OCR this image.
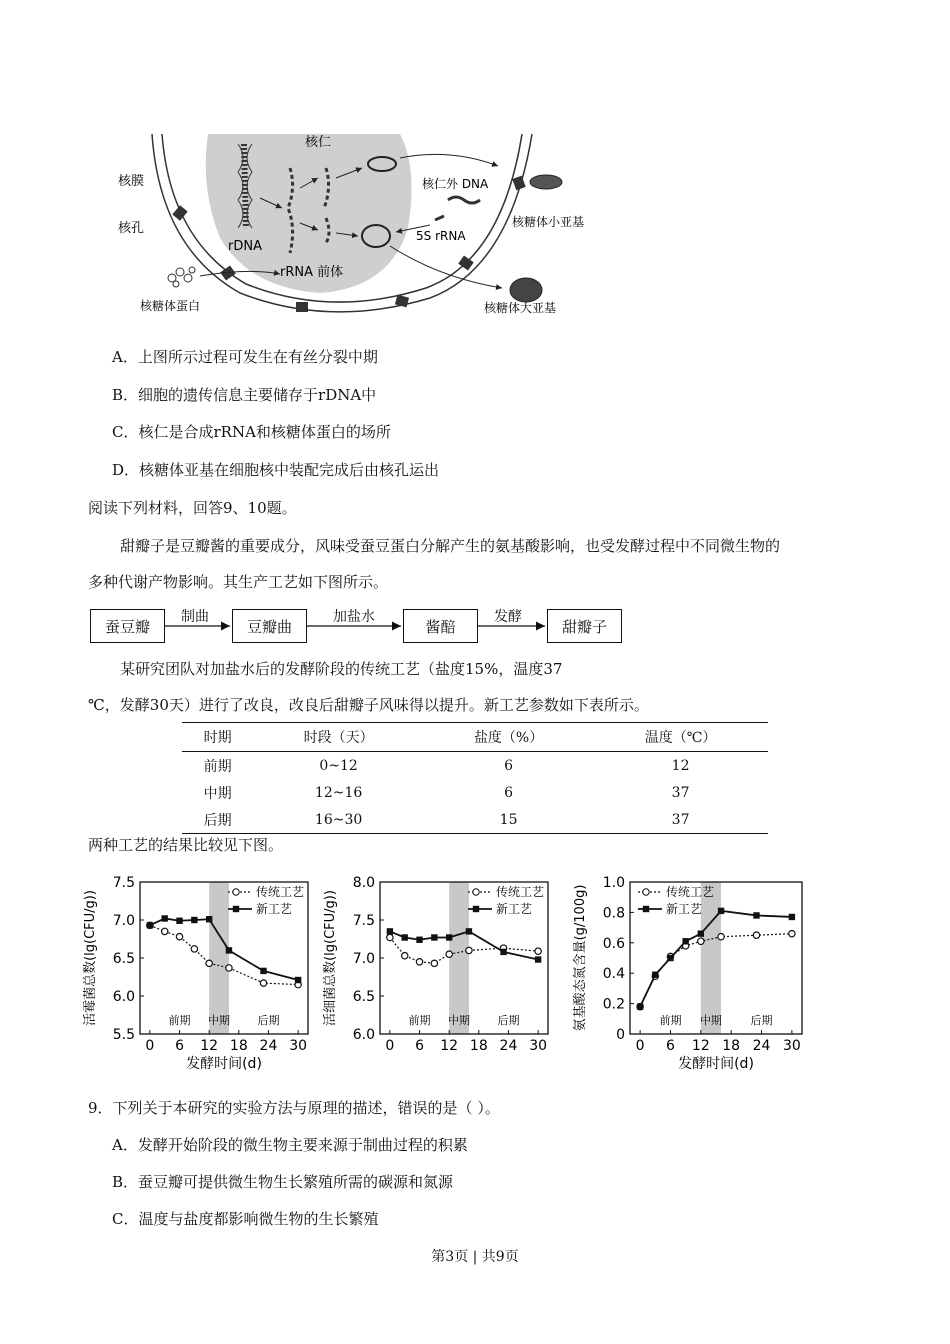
核仁
核膜
核孔
rDNA
rRNA 前体
核仁外 DNA
5S rRNA
核糖体小亚基
核糖体大亚基
核糖体蛋白
A．上图所示过程可发生在有丝分裂中期
B．细胞的遗传信息主要储存于rDNA中
C．核仁是合成rRNA和核糖体蛋白的场所
D．核糖体亚基在细胞核中装配完成后由核孔运出
阅读下列材料，回答9、10题。
甜瓣子是豆瓣酱的重要成分，风味受蚕豆蛋白分解产生的氨基酸影响，也受发酵过程中不同微生物的
多种代谢产物影响。其生产工艺如下图所示。
蚕豆瓣	豆瓣曲	酱醅	甜瓣子
制曲	加盐水	发酵
某研究团队对加盐水后的发酵阶段的传统工艺（盐度15%，温度37
℃，发酵30天）进行了改良，改良后甜瓣子风味得以提升。新工艺参数如下表所示。
时期	时段（天）	盐度（%）	温度（℃）
前期	0~12	6	12
中期	12~16	6	37
后期	16~30	15	37
两种工艺的结果比较见下图。
5.5
6.0
6.5
7.0
7.5
0 6 12 18 24 30
前期 中期 后期
活霉菌总数(lg(CFU/g))
发酵时间(d)
传统工艺
新工艺
6.0
6.5
7.0
7.5
8.0
0 6 12 18 24 30
前期 中期 后期
活细菌总数(lg(CFU/g))	传统工艺
新工艺
0
0.2
0.4
0.6
0.8
1.0
0 6 12 18 24 30
前期 中期	后期
氨基酸态氮含量(g/100g)
发酵时间(d)
传统工艺
新工艺
9．下列关于本研究的实验方法与原理的描述，错误的是（ ）。
A．发酵开始阶段的微生物主要来源于制曲过程的积累
B．蚕豆瓣可提供微生物生长繁殖所需的碳源和氮源
C．温度与盐度都影响微生物的生长繁殖
第3页 | 共9页
